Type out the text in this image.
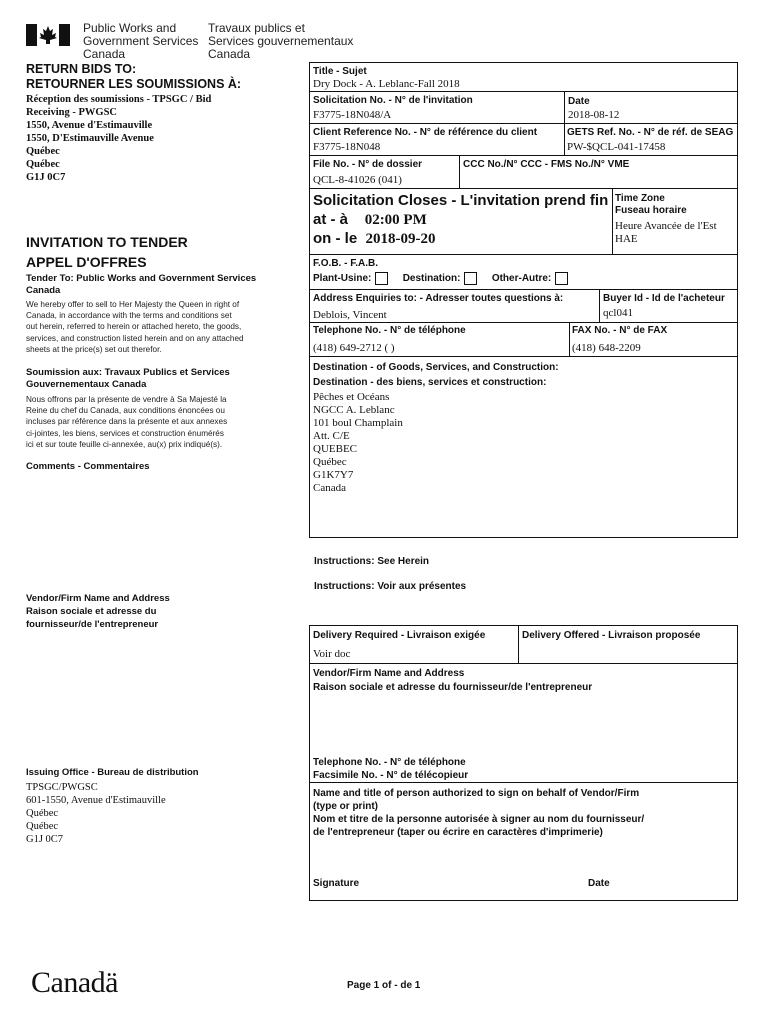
Public Works and
Government Services
Canada
Travaux publics et
Services gouvernementaux
Canada
RETURN BIDS TO:
RETOURNER LES SOUMISSIONS À:
Réception des soumissions - TPSGC / Bid
Receiving - PWGSC
1550, Avenue d'Estimauville
1550, D'Estimauville Avenue
Québec
Québec
G1J 0C7
INVITATION TO TENDER
APPEL D'OFFRES
Tender To: Public Works and Government Services Canada
We hereby offer to sell to Her Majesty the Queen in right of
Canada, in accordance with the terms and conditions set
out herein, referred to herein or attached hereto, the goods,
services, and construction listed herein and on any attached
sheets at the price(s) set out therefor.
Soumission aux: Travaux Publics et Services Gouvernementaux Canada
Nous offrons par la présente de vendre à Sa Majesté la
Reine du chef du Canada, aux conditions énoncées ou
incluses par référence dans la présente et aux annexes
ci-jointes, les biens, services et construction énumérés
ici et sur toute feuille ci-annexée, au(x) prix indiqué(s).
Comments - Commentaires
Vendor/Firm Name and Address
Raison sociale et adresse du
fournisseur/de l'entrepreneur
Issuing Office - Bureau de distribution
TPSGC/PWGSC
601-1550, Avenue d'Estimauville
Québec
Québec
G1J 0C7
Title - Sujet
Dry Dock - A. Leblanc-Fall 2018
Solicitation No. - N° de l'invitation
F3775-18N048/A
Date
2018-08-12
Client Reference No. - N° de référence du client
F3775-18N048
GETS Ref. No. - N° de réf. de SEAG
PW-$QCL-041-17458
File No. - N° de dossier
QCL-8-41026 (041)
CCC No./N° CCC - FMS No./N° VME
Solicitation Closes - L'invitation prend fin
at - à 02:00 PM
on - le 2018-09-20
Time Zone
Fuseau horaire
Heure Avancée de l'Est
HAE
F.O.B. - F.A.B.
Plant-Usine:	Destination:	Other-Autre:
Address Enquiries to: - Adresser toutes questions à:
Deblois, Vincent
Buyer Id - Id de l'acheteur
qcl041
Telephone No. - N° de téléphone
(418) 649-2712 ( )
FAX No. - N° de FAX
(418) 648-2209
Destination - of Goods, Services, and Construction:
Destination - des biens, services et construction:
Pêches et Océans
NGCC A. Leblanc
101 boul Champlain
Att. C/E
QUEBEC
Québec
G1K7Y7
Canada
Instructions: See Herein
Instructions: Voir aux présentes
Delivery Required - Livraison exigée
Voir doc
Delivery Offered - Livraison proposée
Vendor/Firm Name and Address
Raison sociale et adresse du fournisseur/de l'entrepreneur
Telephone No. - N° de téléphone
Facsimile No. - N° de télécopieur
Name and title of person authorized to sign on behalf of Vendor/Firm
(type or print)
Nom et titre de la personne autorisée à signer au nom du fournisseur/
de l'entrepreneur (taper ou écrire en caractères d'imprimerie)
Signature	Date
Canadä	Page 1 of - de 1
